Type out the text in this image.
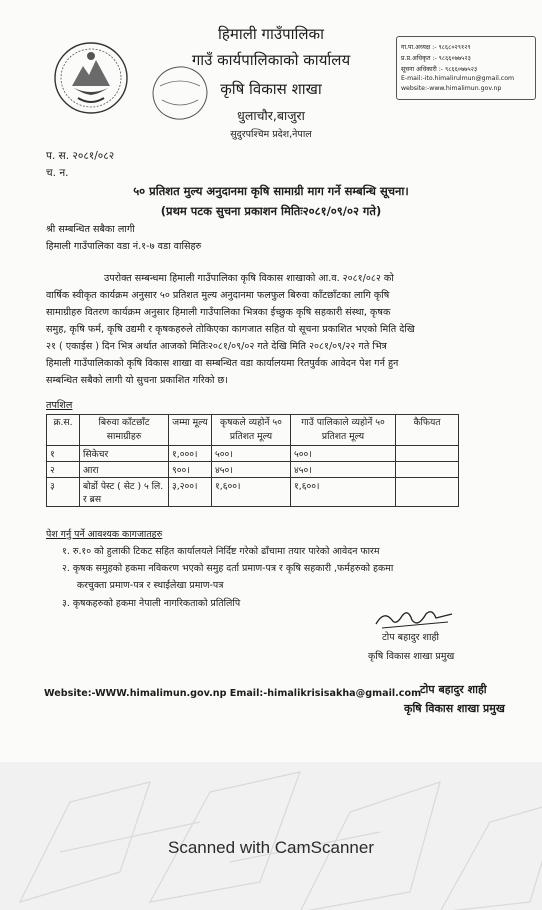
हिमाली गाउँपालिका
गाउँ कार्यपालिकाको कार्यालय
कृषि विकास शाखा
धुलाचौर,बाजुरा
सुदुरपश्चिम प्रदेश,नेपाल
गा.पा.अध्यक्ष :- ९८६८०२९१२९
प्र.प्र.अधिकृत :- ९८६६०७७५२३
सूचना अधिकारी :- ९८६६०७७५२३
E-mail:-ito.himalirulmun@gmail.com
website:-www.himalimun.gov.np
प. स. २०८१/०८२
च. न.
५० प्रतिशत मुल्य अनुदानमा कृषि सामाग्री माग गर्ने सम्बन्धि सूचना।
(प्रथम पटक सुचना प्रकाशन मितिः२०८१/०९/०२ गते)
श्री सम्बन्धित सबैका लागी
हिमाली गाउँपालिका वडा नं.१-७ वडा वासिहरु
उपरोक्त सम्बन्धमा हिमाली गाउँपालिका कृषि विकास शाखाको आ.व. २०८१/०८२ को
वार्षिक स्वीकृत कार्यक्रम अनुसार ५० प्रतिशत मुल्य अनुदानमा फलफुल बिरुवा काँटछाँटका लागि कृषि
सामाग्रीहरु वितरण कार्यक्रम अनुसार हिमाली गाउँपालिका भित्रका ईच्छुक कृषि सहकारी संस्था, कृषक
समुह, कृषि फर्म, कृषि उद्यमी र कृषकहरुले तोकिएका कागजात सहित यो सूचना प्रकाशित भएको मिति देखि
२१ ( एकाईस ) दिन भित्र अर्थात आजको मितिः२०८१/०९/०२ गते देखि मिति २०८१/०९/२२ गते भित्र
हिमाली गाउँपालिकाको कृषि विकास शाखा वा सम्बन्धित वडा कार्यालयमा रितपुर्वक आवेदन पेश गर्न हुन
सम्बन्धित सबैको लागी यो सुचना प्रकाशित गरिको छ।
तपशिल
क्र.स.	बिरुवा काँटछाँट सामाग्रीहरु	जम्मा मूल्य	कृषकले व्यहोर्ने ५० प्रतिशत मूल्य	गाउँ पालिकाले व्यहोर्ने ५० प्रतिशत मूल्य	कैफियत
१	सिकेचर	१,०००।	५००।	५००।	
२	आरा	९००।	४५०।	४५०।	
३	बोर्डो पेस्ट ( सेट ) ५ लि. र ब्रस	३,२००।	१,६००।	१,६००।	
पेश गर्नु पर्ने आवश्यक कागजातहरु
१. रु.१० को हुलाकी टिकट सहित कार्यालयले निर्दिष्ट गरेको ढाँचामा तयार पारेको आवेदन फारम
२. कृषक समुहको हकमा नविकरण भएको समुह दर्ता प्रमाण-पत्र र कृषि सहकारी ,फर्महरुको हकमा
करचुक्ता प्रमाण-पत्र र स्थाईलेखा प्रमाण-पत्र
३. कृषकहरुको हकमा नेपाली नागरिकताको प्रतिलिपि
टोप बहादुर शाही
कृषि विकास शाखा प्रमुख
Website:-WWW.himalimun.gov.np Email:-himalikrisisakha@gmail.com
टोप बहादुर शाही
कृषि विकास शाखा प्रमुख
Scanned with CamScanner
